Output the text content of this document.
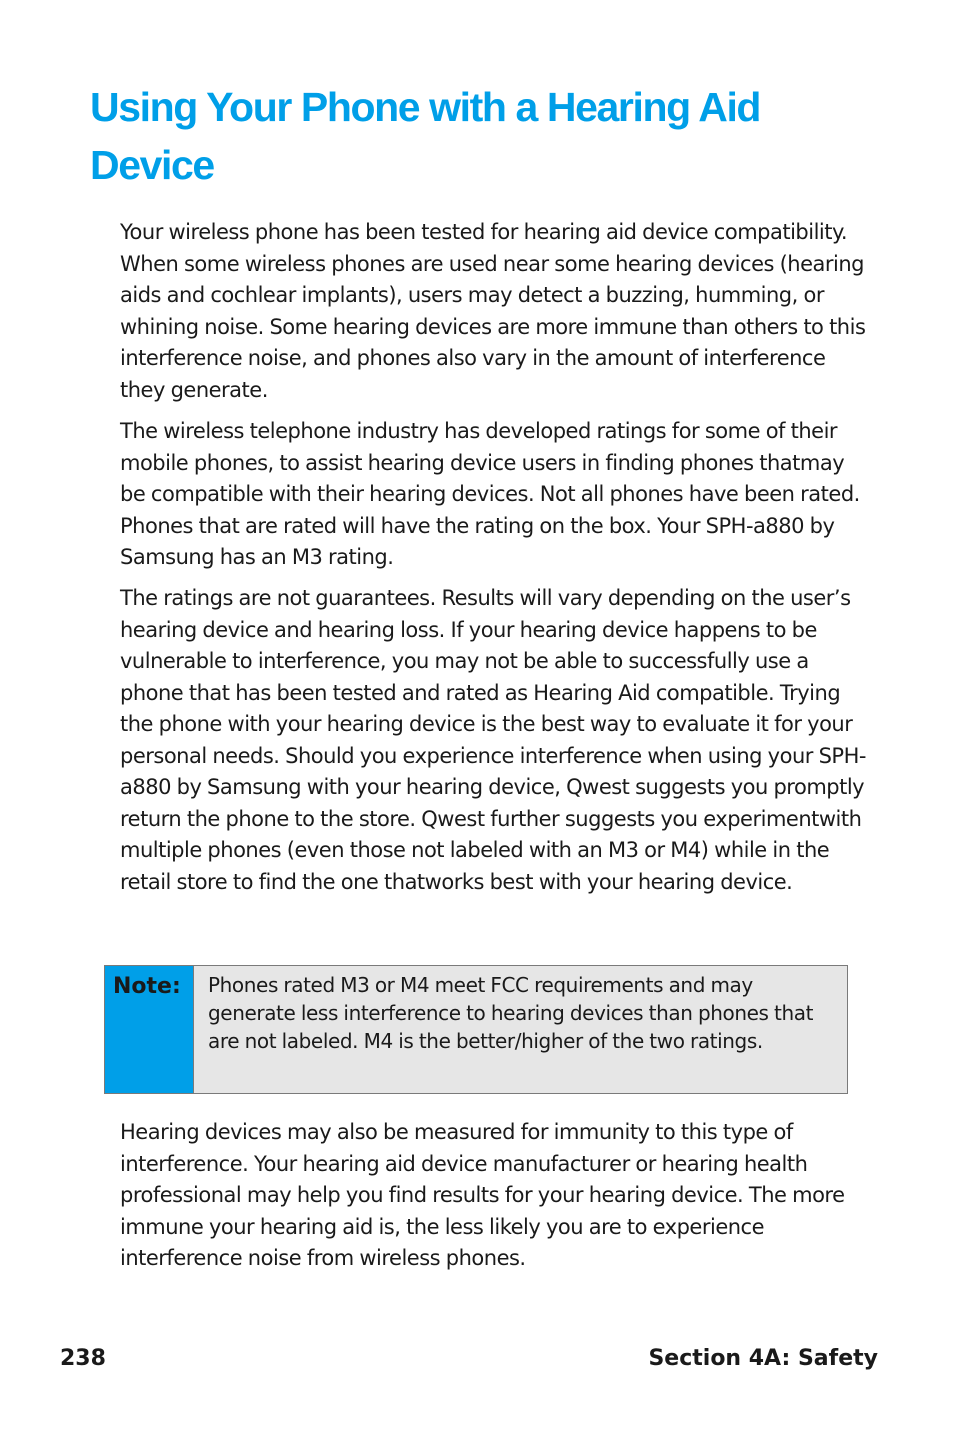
Using Your Phone with a Hearing Aid Device

Your wireless phone has been tested for hearing aid device compatibility. When some wireless phones are used near some hearing devices (hearing aids and cochlear implants), users may detect a buzzing, humming, or whining noise. Some hearing devices are more immune than others to this interference noise, and phones also vary in the amount of interference they generate.

The wireless telephone industry has developed ratings for some of their mobile phones, to assist hearing device users in finding phones thatmay be compatible with their hearing devices. Not all phones have been rated. Phones that are rated will have the rating on the box. Your SPH-a880 by Samsung has an M3 rating.

The ratings are not guarantees. Results will vary depending on the user’s hearing device and hearing loss. If your hearing device happens to be vulnerable to interference, you may not be able to successfully use a phone that has been tested and rated as Hearing Aid compatible. Trying the phone with your hearing device is the best way to evaluate it for your personal needs. Should you experience interference when using your SPH-a880 by Samsung with your hearing device, Qwest suggests you promptly return the phone to the store. Qwest further suggests you experimentwith multiple phones (even those not labeled with an M3 or M4) while in the retail store to find the one thatworks best with your hearing device.

Note:	Phones rated M3 or M4 meet FCC requirements and may generate less interference to hearing devices than phones that are not labeled. M4 is the better/higher of the two ratings.

Hearing devices may also be measured for immunity to this type of interference. Your hearing aid device manufacturer or hearing health professional may help you find results for your hearing device. The more immune your hearing aid is, the less likely you are to experience interference noise from wireless phones.

238	Section 4A: Safety
